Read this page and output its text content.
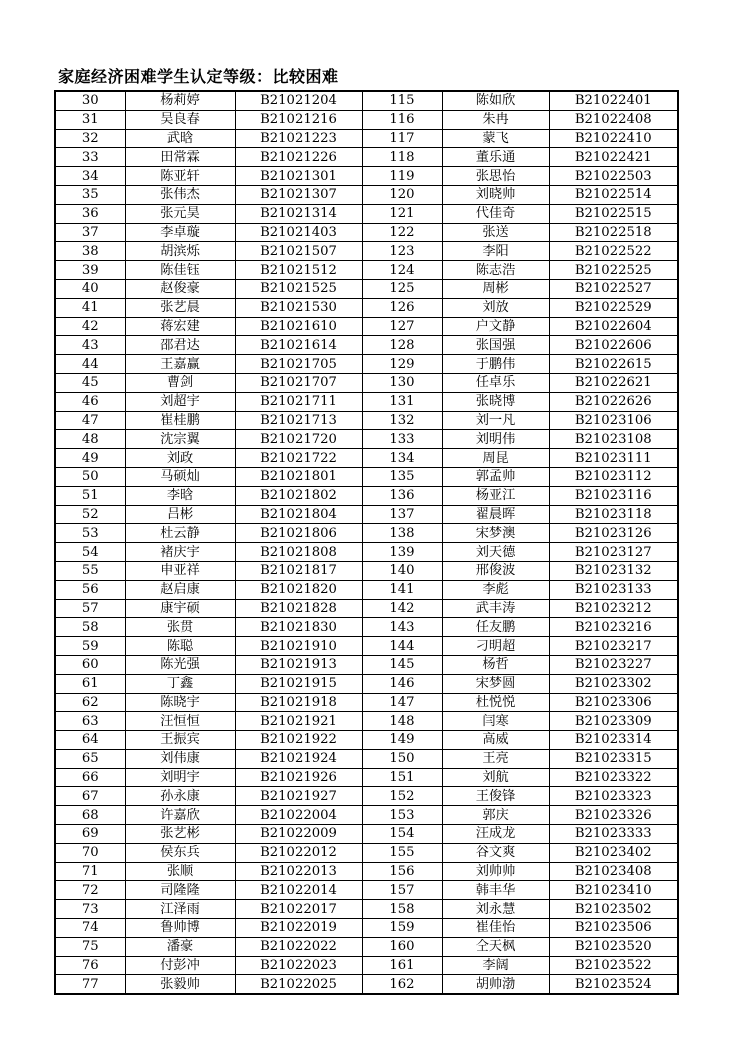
家庭经济困难学生认定等级：比较困难
30	杨莉婷	B21021204	115	陈如欣	B21022401
31	吴良春	B21021216	116	朱冉	B21022408
32	武晗	B21021223	117	蒙飞	B21022410
33	田常霖	B21021226	118	董乐通	B21022421
34	陈亚轩	B21021301	119	张思怡	B21022503
35	张伟杰	B21021307	120	刘晓帅	B21022514
36	张元昊	B21021314	121	代佳奇	B21022515
37	李卓璇	B21021403	122	张送	B21022518
38	胡滨烁	B21021507	123	李阳	B21022522
39	陈佳钰	B21021512	124	陈志浩	B21022525
40	赵俊豪	B21021525	125	周彬	B21022527
41	张艺晨	B21021530	126	刘放	B21022529
42	蒋宏建	B21021610	127	户文静	B21022604
43	邵君达	B21021614	128	张国强	B21022606
44	王嘉赢	B21021705	129	于鹏伟	B21022615
45	曹剑	B21021707	130	任卓乐	B21022621
46	刘超宇	B21021711	131	张晓博	B21022626
47	崔桂鹏	B21021713	132	刘一凡	B21023106
48	沈宗翼	B21021720	133	刘明伟	B21023108
49	刘政	B21021722	134	周昆	B21023111
50	马硕灿	B21021801	135	郭孟帅	B21023112
51	李晗	B21021802	136	杨亚江	B21023116
52	吕彬	B21021804	137	翟晨晖	B21023118
53	杜云静	B21021806	138	宋梦澳	B21023126
54	褚庆宇	B21021808	139	刘天德	B21023127
55	申亚祥	B21021817	140	邢俊波	B21023132
56	赵启康	B21021820	141	李彪	B21023133
57	康宇硕	B21021828	142	武丰涛	B21023212
58	张贯	B21021830	143	任友鹏	B21023216
59	陈聪	B21021910	144	刁明超	B21023217
60	陈光强	B21021913	145	杨哲	B21023227
61	丁鑫	B21021915	146	宋梦圆	B21023302
62	陈晓宇	B21021918	147	杜悦悦	B21023306
63	汪恒恒	B21021921	148	闫寒	B21023309
64	王振宾	B21021922	149	高威	B21023314
65	刘伟康	B21021924	150	王亮	B21023315
66	刘明宇	B21021926	151	刘航	B21023322
67	孙永康	B21021927	152	王俊锋	B21023323
68	许嘉欣	B21022004	153	郭庆	B21023326
69	张艺彬	B21022009	154	汪成龙	B21023333
70	侯东兵	B21022012	155	谷文爽	B21023402
71	张顺	B21022013	156	刘帅帅	B21023408
72	司隆隆	B21022014	157	韩丰华	B21023410
73	江泽雨	B21022017	158	刘永慧	B21023502
74	鲁帅博	B21022019	159	崔佳怡	B21023506
75	潘豪	B21022022	160	仝天枫	B21023520
76	付彭冲	B21022023	161	李阔	B21023522
77	张毅帅	B21022025	162	胡帅渤	B21023524
